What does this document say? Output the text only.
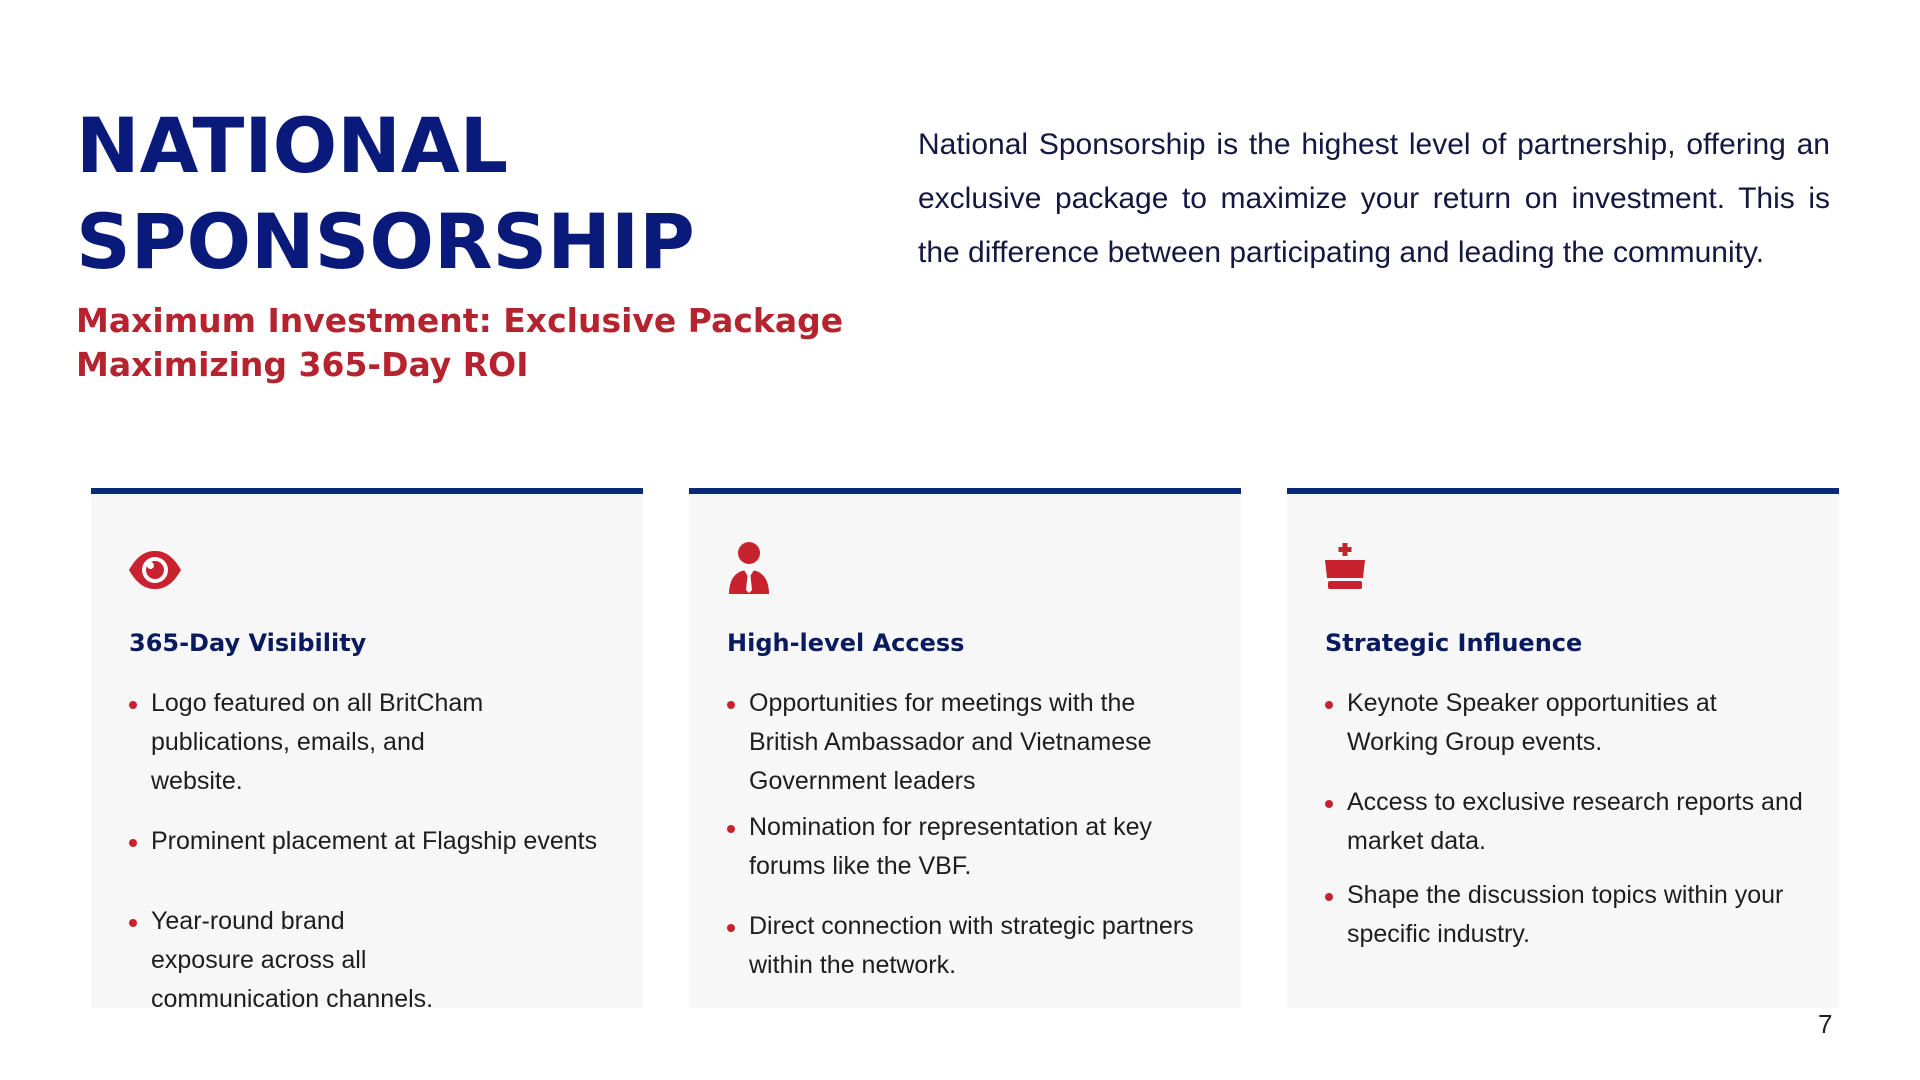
NATIONAL
SPONSORSHIP
Maximum Investment: Exclusive Package
Maximizing 365-Day ROI

National Sponsorship is the highest level of partnership, offering an exclusive package to maximize your return on investment. This is the difference between participating and leading the community.

365-Day Visibility
Logo featured on all BritCham publications, emails, and website.
Prominent placement at Flagship events
Year-round brand exposure across all communication channels.
High-level Access
Opportunities for meetings with the British Ambassador and Vietnamese Government leaders
Nomination for representation at key forums like the VBF.
Direct connection with strategic partners within the network.
Strategic Influence
Keynote Speaker opportunities at Working Group events.
Access to exclusive research reports and market data.
Shape the discussion topics within your specific industry.
7
